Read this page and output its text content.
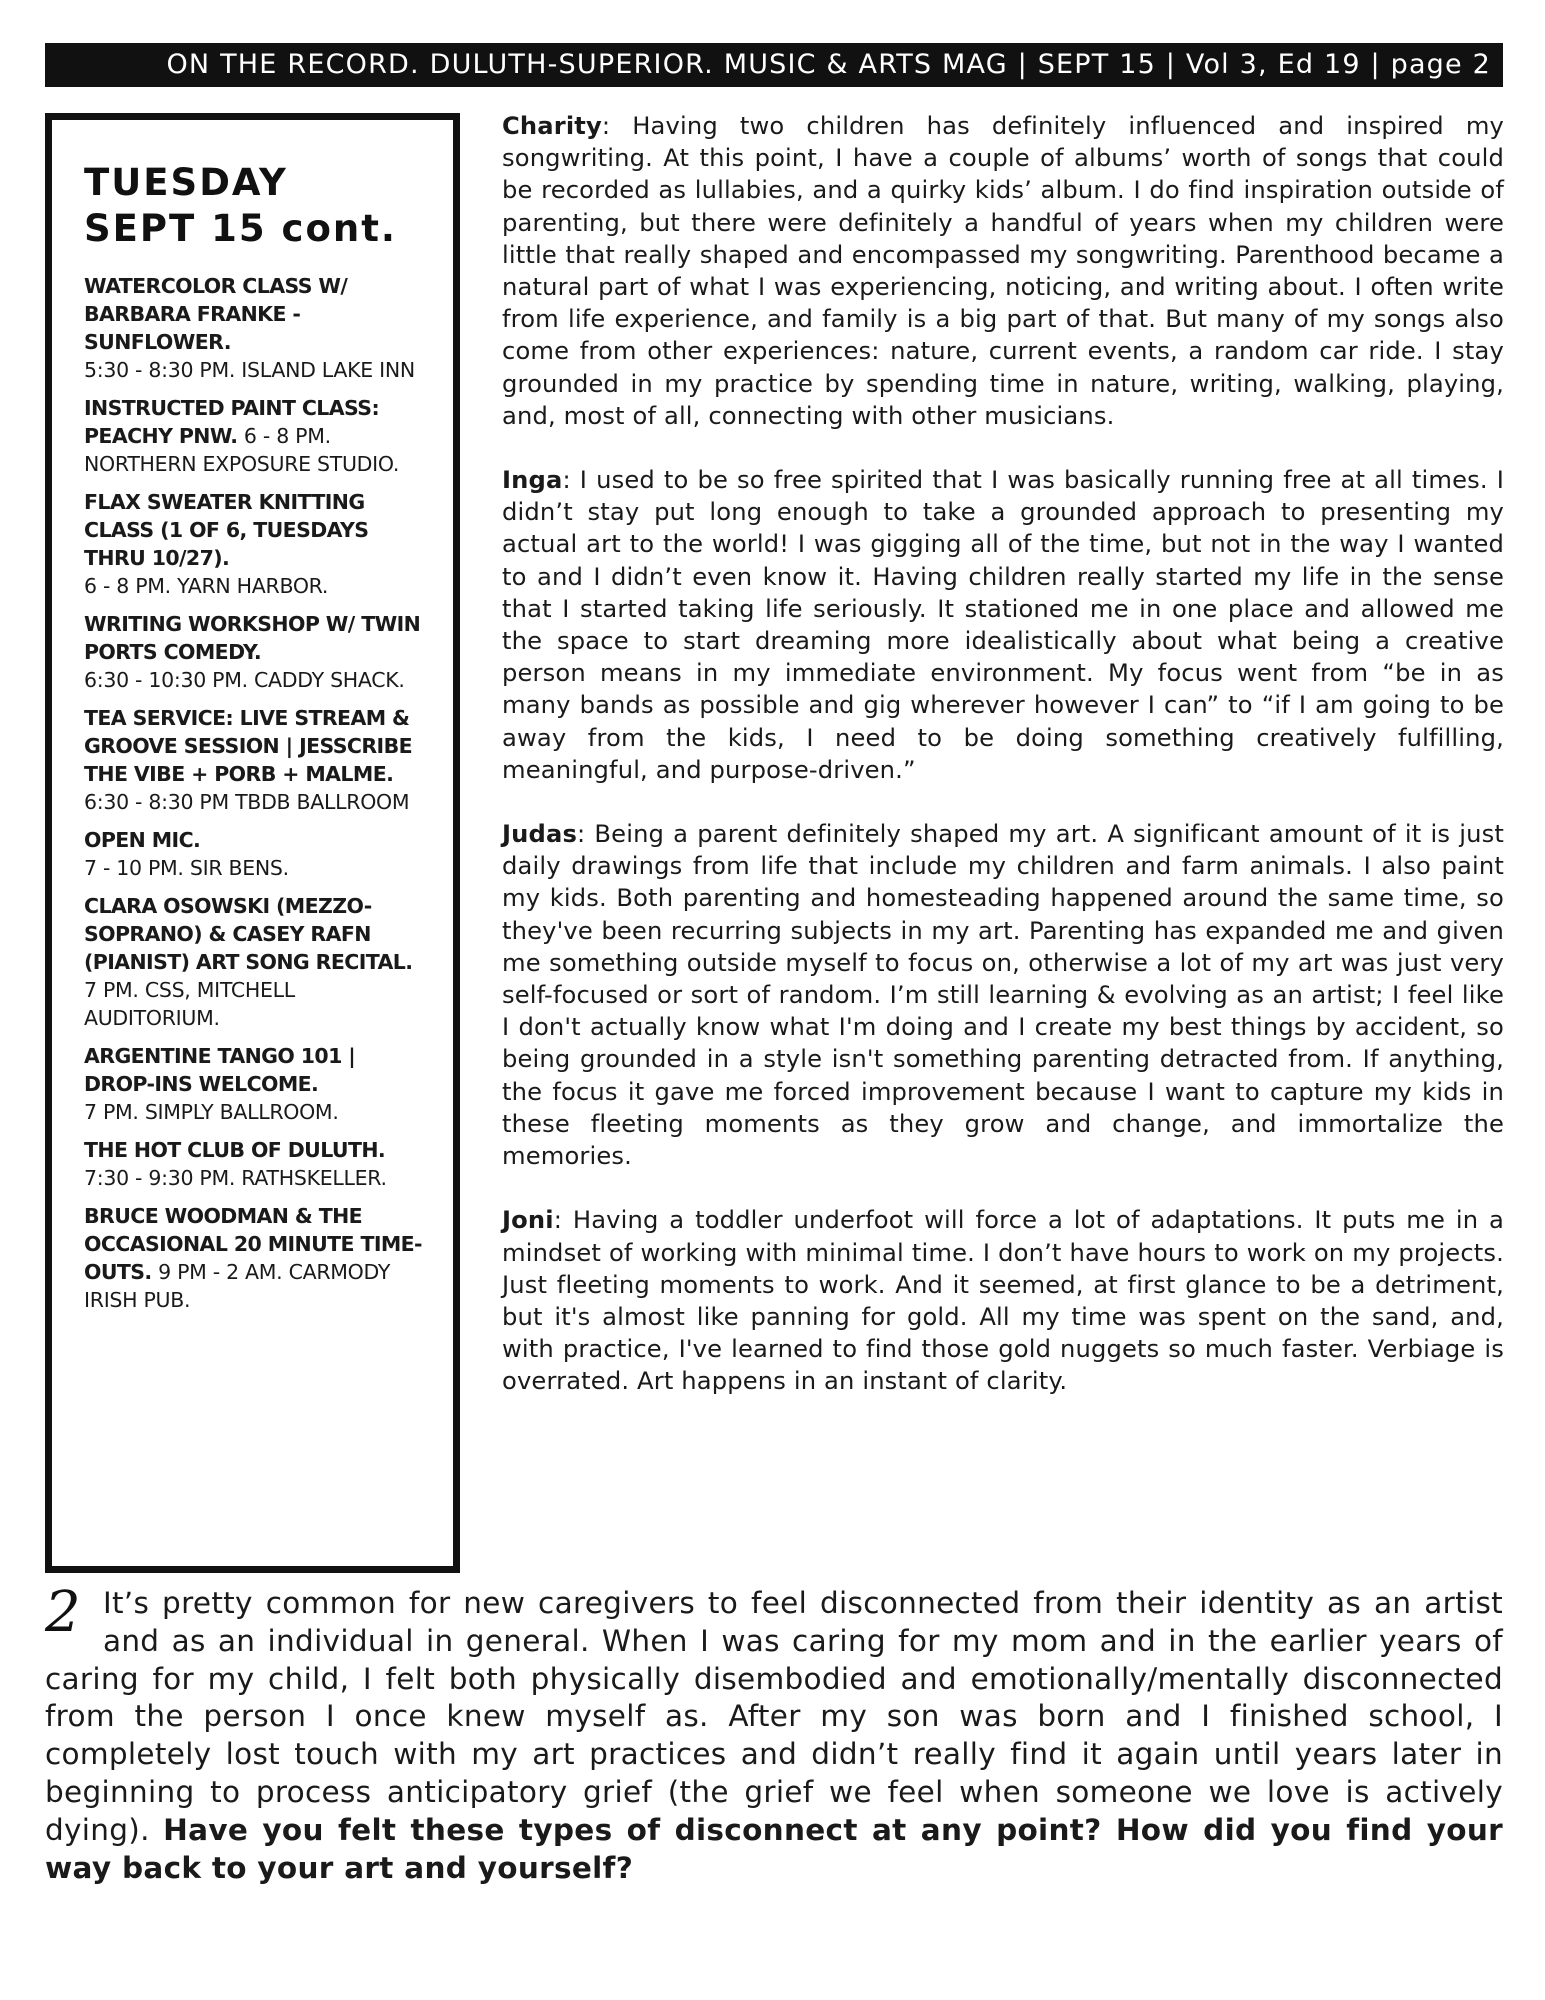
ON THE RECORD. DULUTH-SUPERIOR. MUSIC & ARTS MAG | SEPT 15 | Vol 3, Ed 19 | page 2
TUESDAY
SEPT 15 cont.
WATERCOLOR CLASS W/ BARBARA FRANKE - SUNFLOWER.
5:30 - 8:30 PM. ISLAND LAKE INN
INSTRUCTED PAINT CLASS: PEACHY PNW. 6 - 8 PM. NORTHERN EXPOSURE STUDIO.
FLAX SWEATER KNITTING CLASS (1 OF 6, TUESDAYS THRU 10/27).
6 - 8 PM. YARN HARBOR.
WRITING WORKSHOP W/ TWIN PORTS COMEDY.
6:30 - 10:30 PM. CADDY SHACK.
TEA SERVICE: LIVE STREAM & GROOVE SESSION | JESSCRIBE THE VIBE + PORB + MALME.
6:30 - 8:30 PM TBDB BALLROOM
OPEN MIC.
7 - 10 PM. SIR BENS.
CLARA OSOWSKI (MEZZO-SOPRANO) & CASEY RAFN (PIANIST) ART SONG RECITAL.
7 PM. CSS, MITCHELL AUDITORIUM.
ARGENTINE TANGO 101 | DROP-INS WELCOME.
7 PM. SIMPLY BALLROOM.
THE HOT CLUB OF DULUTH.
7:30 - 9:30 PM. RATHSKELLER.
BRUCE WOODMAN & THE OCCASIONAL 20 MINUTE TIME-OUTS. 9 PM - 2 AM. CARMODY IRISH PUB.

Charity: Having two children has definitely influenced and inspired my songwriting. At this point, I have a couple of albums’ worth of songs that could be recorded as lullabies, and a quirky kids’ album. I do find inspiration outside of parenting, but there were definitely a handful of years when my children were little that really shaped and encompassed my songwriting. Parenthood became a natural part of what I was experiencing, noticing, and writing about. I often write from life experience, and family is a big part of that. But many of my songs also come from other experiences: nature, current events, a random car ride. I stay grounded in my practice by spending time in nature, writing, walking, playing, and, most of all, connecting with other musicians.

Inga: I used to be so free spirited that I was basically running free at all times. I didn’t stay put long enough to take a grounded approach to presenting my actual art to the world! I was gigging all of the time, but not in the way I wanted to and I didn’t even know it. Having children really started my life in the sense that I started taking life seriously. It stationed me in one place and allowed me the space to start dreaming more idealistically about what being a creative person means in my immediate environment. My focus went from “be in as many bands as possible and gig wherever however I can” to “if I am going to be away from the kids, I need to be doing something creatively fulfilling, meaningful, and purpose-driven.”

Judas: Being a parent definitely shaped my art. A significant amount of it is just daily drawings from life that include my children and farm animals. I also paint my kids. Both parenting and homesteading happened around the same time, so they've been recurring subjects in my art. Parenting has expanded me and given me something outside myself to focus on, otherwise a lot of my art was just very self-focused or sort of random. I’m still learning & evolving as an artist; I feel like I don't actually know what I'm doing and I create my best things by accident, so being grounded in a style isn't something parenting detracted from. If anything, the focus it gave me forced improvement because I want to capture my kids in these fleeting moments as they grow and change, and immortalize the memories.

Joni: Having a toddler underfoot will force a lot of adaptations. It puts me in a mindset of working with minimal time. I don’t have hours to work on my projects. Just fleeting moments to work. And it seemed, at first glance to be a detriment, but it's almost like panning for gold. All my time was spent on the sand, and, with practice, I've learned to find those gold nuggets so much faster. Verbiage is overrated. Art happens in an instant of clarity.

2 It’s pretty common for new caregivers to feel disconnected from their identity as an artist and as an individual in general. When I was caring for my mom and in the earlier years of caring for my child, I felt both physically disembodied and emotionally/mentally disconnected from the person I once knew myself as. After my son was born and I finished school, I completely lost touch with my art practices and didn’t really find it again until years later in beginning to process anticipatory grief (the grief we feel when someone we love is actively dying). Have you felt these types of disconnect at any point? How did you find your way back to your art and yourself?
